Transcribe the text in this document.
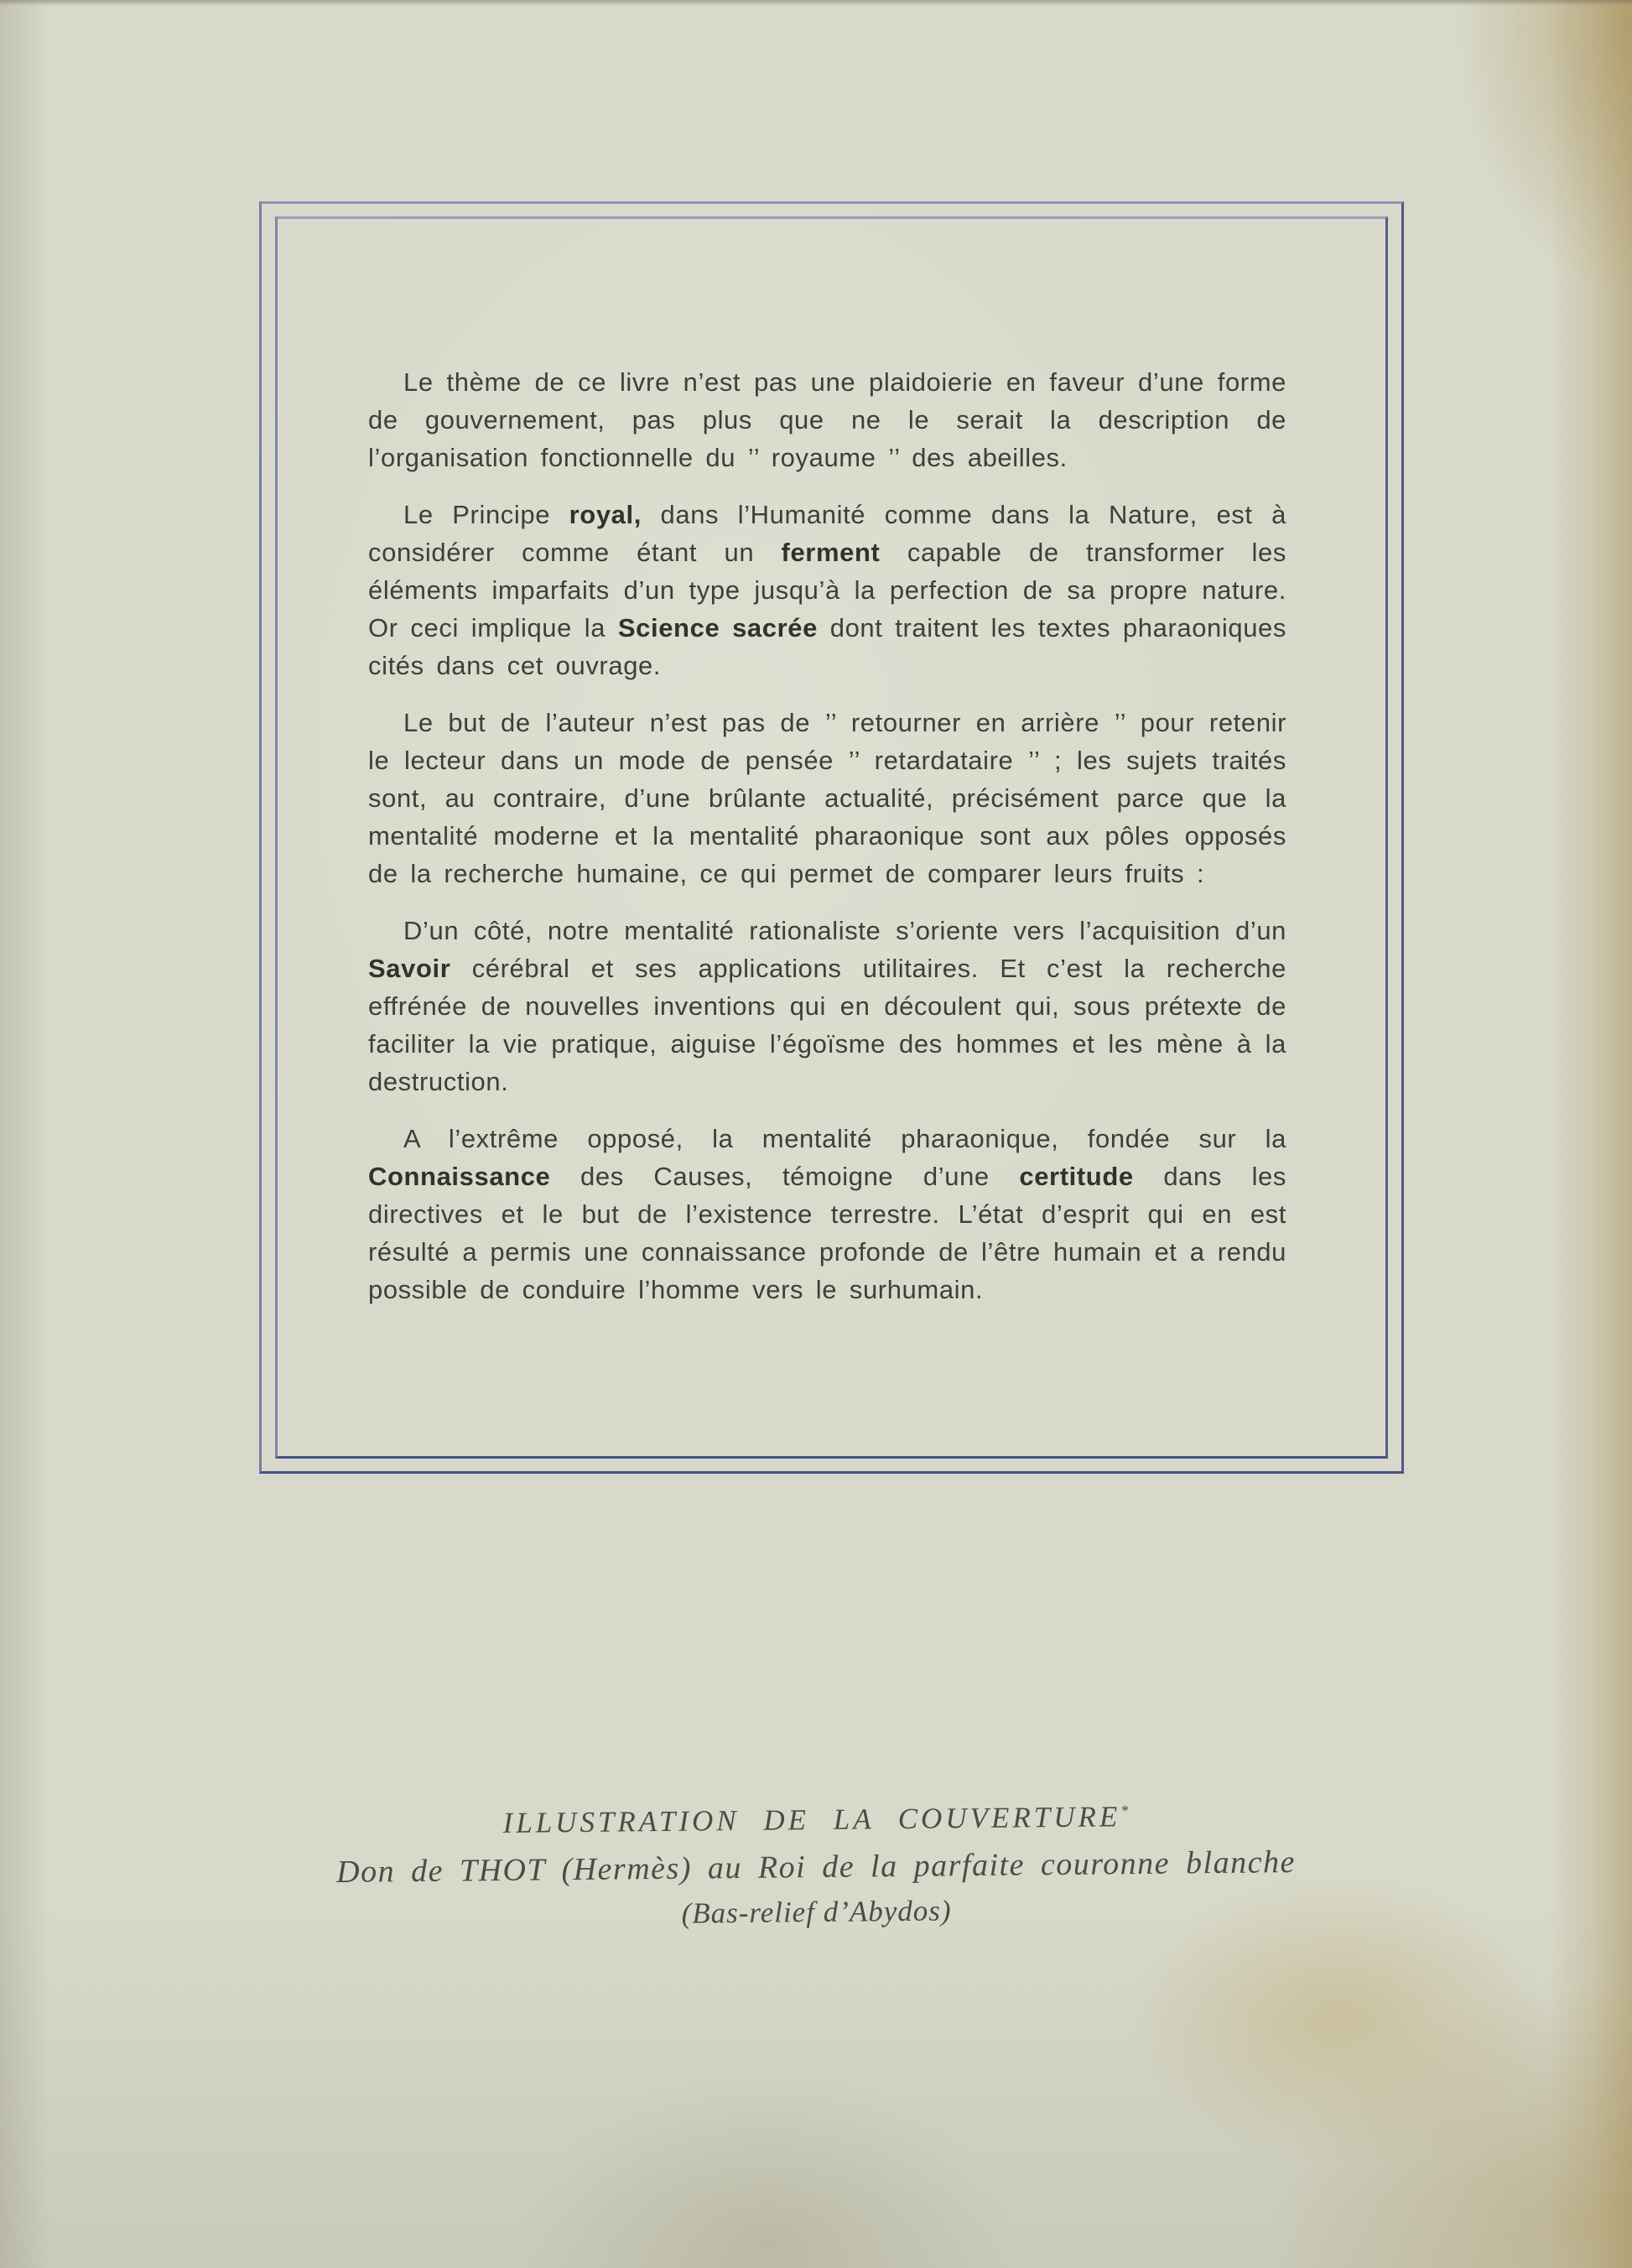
Le thème de ce livre n’est pas une plaidoierie en faveur d’une forme de gouvernement, pas plus que ne le serait la description de l’organisation fonctionnelle du ’’ royaume ’’ des abeilles.

Le Principe royal, dans l’Humanité comme dans la Nature, est à considérer comme étant un ferment capable de transformer les éléments imparfaits d’un type jusqu’à la perfection de sa propre nature. Or ceci implique la Science sacrée dont traitent les textes pharaoniques cités dans cet ouvrage.

Le but de l’auteur n’est pas de ’’ retourner en arrière ’’ pour retenir le lecteur dans un mode de pensée ’’ retardataire ’’ ; les sujets traités sont, au contraire, d’une brûlante actualité, précisément parce que la mentalité moderne et la mentalité pharaonique sont aux pôles opposés de la recherche humaine, ce qui permet de comparer leurs fruits :

D’un côté, notre mentalité rationaliste s’oriente vers l’acquisition d’un Savoir cérébral et ses applications utilitaires. Et c’est la recherche effrénée de nouvelles inventions qui en découlent qui, sous prétexte de faciliter la vie pratique, aiguise l’égoïsme des hommes et les mène à la destruction.

A l’extrême opposé, la mentalité pharaonique, fondée sur la Connaissance des Causes, témoigne d’une certitude dans les directives et le but de l’existence terrestre. L’état d’esprit qui en est résulté a permis une connaissance profonde de l’être humain et a rendu possible de conduire l’homme vers le surhumain.

ILLUSTRATION DE LA COUVERTURE*

Don de THOT (Hermès) au Roi de la parfaite couronne blanche

(Bas-relief d’Abydos)
